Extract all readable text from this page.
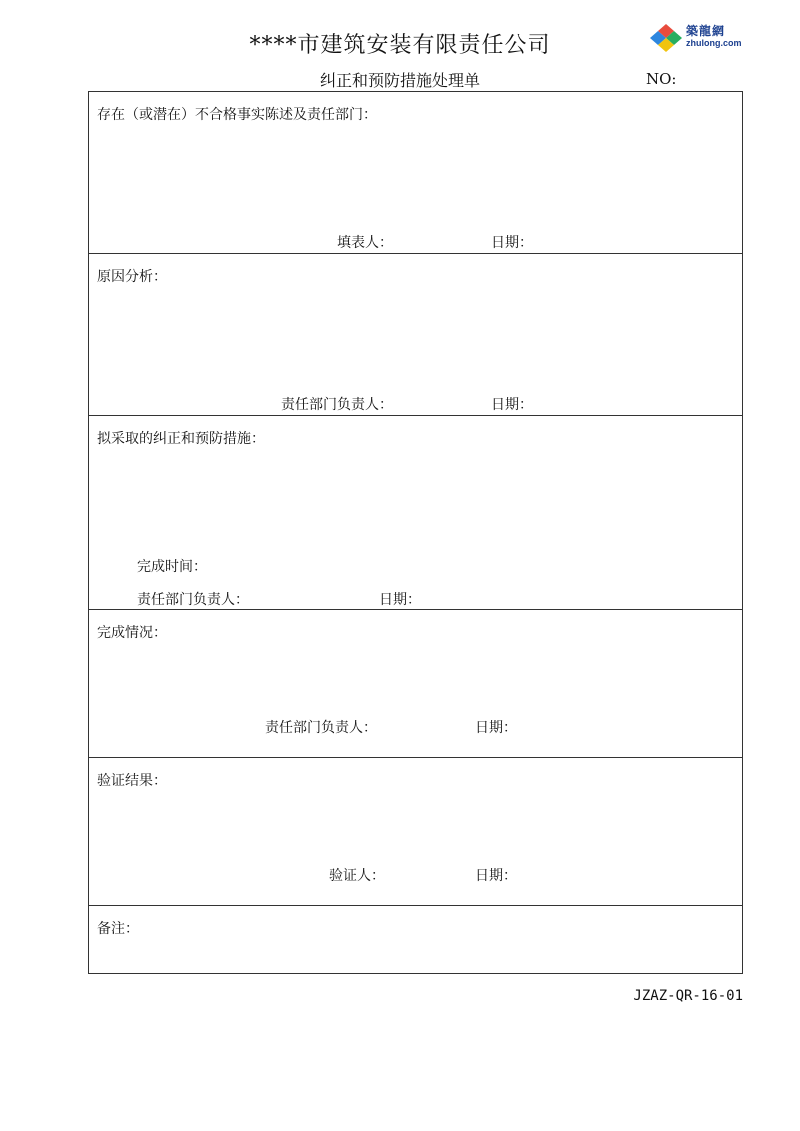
****市建筑安装有限责任公司
築龍網
zhulong.com
纠正和预防措施处理单	NO:
存在（或潜在）不合格事实陈述及责任部门：
填表人：	日期：
原因分析：
责任部门负责人：	日期：
拟采取的纠正和预防措施：
完成时间：
责任部门负责人：	日期：
完成情况：
责任部门负责人：	日期：
验证结果：
验证人：	日期：
备注：
JZAZ-QR-16-01
